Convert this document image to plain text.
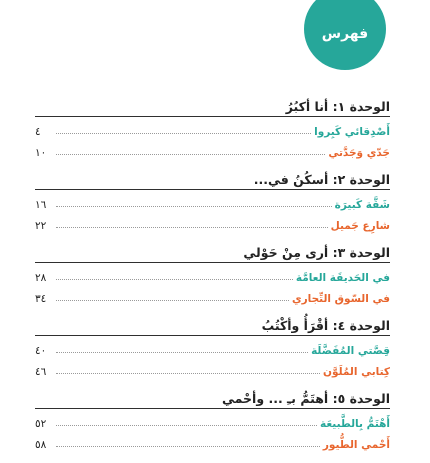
فهرس
الوحدة ١: أنا أكبُرُ
أَصْدِقائي كَبِروا
٤
جَدّي وَجَدَّتي
١٠
الوحدة ٢: أسكُنُ في...
شَقَّة كَبيرَة
١٦
شارِع جَميل
٢٢
الوحدة ٣: أرى مِنْ حَوْلي
في الحَديقَة العامَّة
٢٨
في السّوق التِّجاري
٣٤
الوحدة ٤: أقْرَأُ وأكْتُبُ
قِصَّتي المُفَضَّلَة
٤٠
كِتابي المُلَوَّن
٤٦
الوحدة ٥: أهتَمُّ بـِ ... وأحْمي
أَهْتَمُّ بِالطَّبيعَة
٥٢
أَحْمي الطُّيور
٥٨
